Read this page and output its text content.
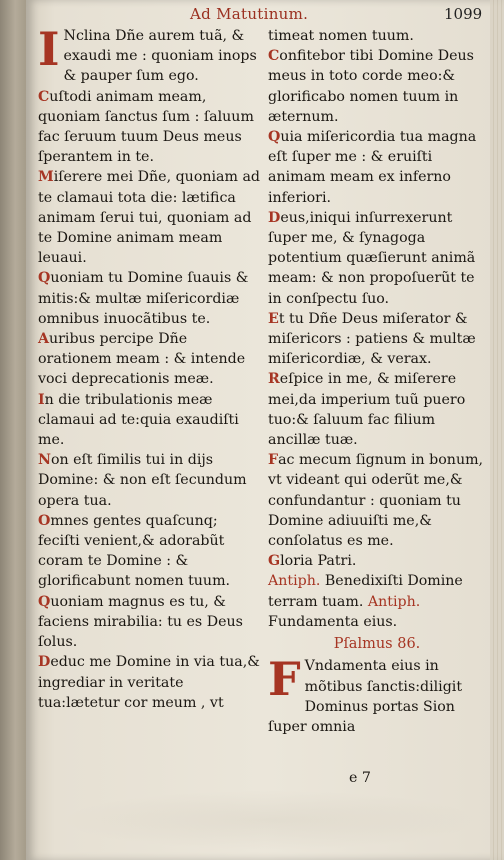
Ad Matutinum.	1099

I Nclina Dñe aurem tuã, & exaudi me : quoniam inops & pauper ſum ego.

Cuſtodi animam meam, quoniam ſanctus ſum : ſaluum fac ſeruum tuum Deus meus ſperantem in te.

Miſerere mei Dñe, quoniam ad te clamaui tota die: lætifica animam ſerui tui, quoniam ad te Domine animam meam leuaui.

Quoniam tu Domine ſuauis & mitis:& multæ miſericordiæ omnibus inuocãtibus te.

Auribus percipe Dñe orationem meam : & intende voci deprecationis meæ.

In die tribulationis meæ clamaui ad te:quia exaudiſti me.

Non eſt ſimilis tui in dijs Domine: & non eſt ſecundum opera tua.

Omnes gentes quaſcunq; feciſti venient,& adorabũt coram te Domine : & glorificabunt nomen tuum.

Quoniam magnus es tu, & faciens mirabilia: tu es Deus ſolus.

Deduc me Domine in via tua,& ingrediar in veritate tua:lætetur cor meum , vt

timeat nomen tuum.

Confitebor tibi Domine Deus meus in toto corde meo:& glorificabo nomen tuum in æternum.

Quia miſericordia tua magna eſt ſuper me : & eruiſti animam meam ex inferno inferiori.

Deus,iniqui inſurrexerunt ſuper me, & ſynagoga potentium quæſierunt animã meam: & non propoſuerũt te in conſpectu ſuo.

Et tu Dñe Deus miſerator & miſericors : patiens & multæ miſericordiæ, & verax.

Reſpice in me, & miſerere mei,da imperium tuũ puero tuo:& ſaluum fac filium ancillæ tuæ.

Fac mecum ſignum in bonum, vt videant qui oderũt me,& confundantur : quoniam tu Domine adiuuiſti me,& conſolatus es me.

Gloria Patri.

Antiph. Benedixiſti Domine terram tuam. Antiph. Fundamenta eius.

Pſalmus 86.

F Vndamenta eius in mõtibus ſanctis:diligit Dominus portas Sion ſuper omnia

e 7
